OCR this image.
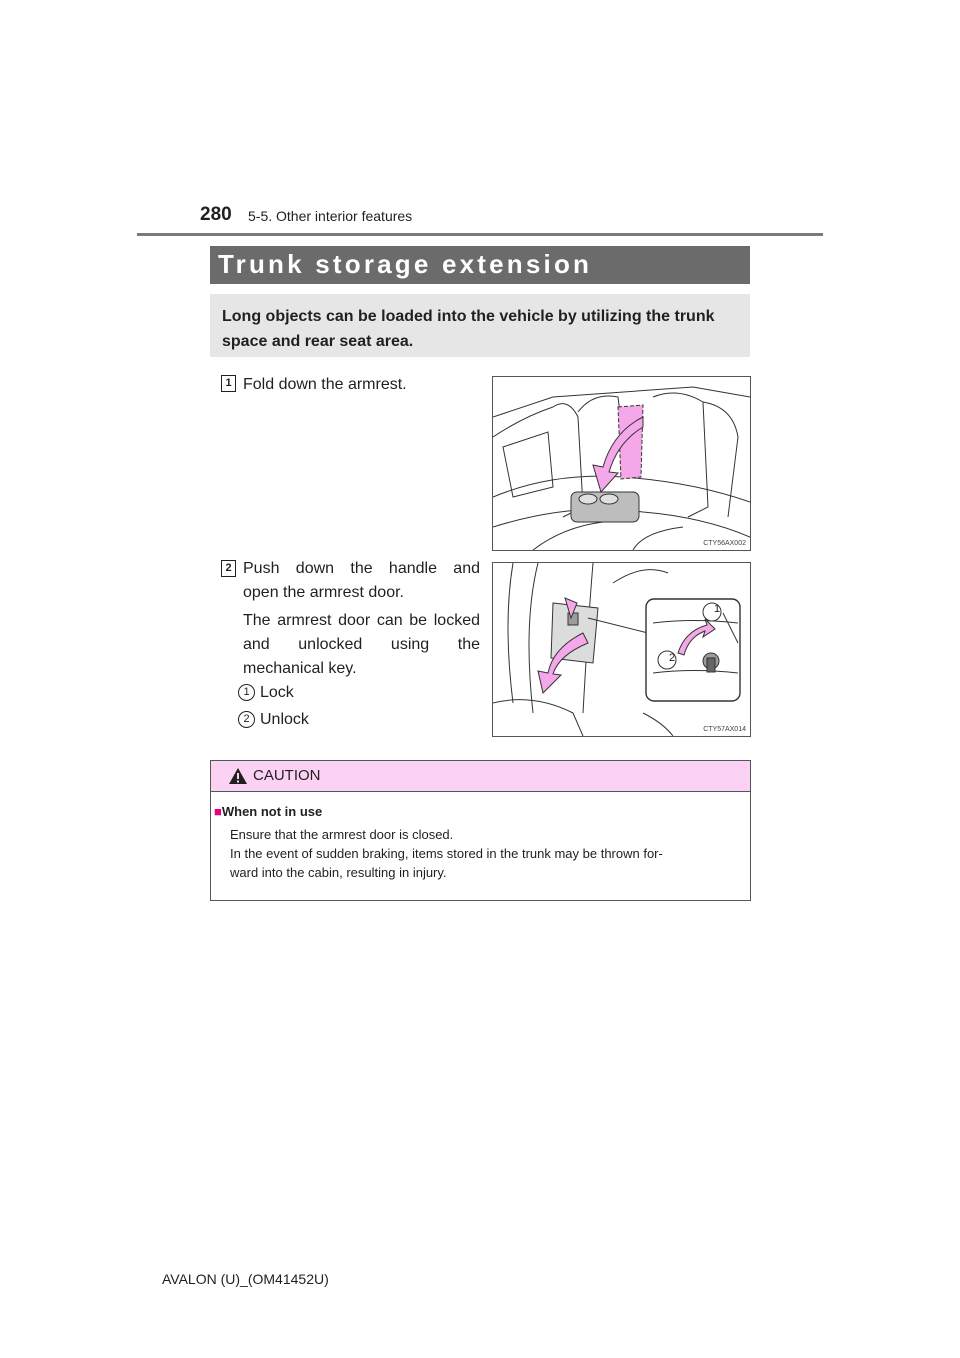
280 5-5. Other interior features
Trunk storage extension
Long objects can be loaded into the vehicle by utilizing the trunk space and rear seat area.
1 Fold down the armrest.
CTY56AX002
2 Push down the handle and
open the armrest door.
The armrest door can be locked
and unlocked using the
mechanical key.
1 Lock
2 Unlock
1
2
CTY57AX014
CAUTION
■When not in use
Ensure that the armrest door is closed.
In the event of sudden braking, items stored in the trunk may be thrown for-
ward into the cabin, resulting in injury.
AVALON (U)_(OM41452U)
